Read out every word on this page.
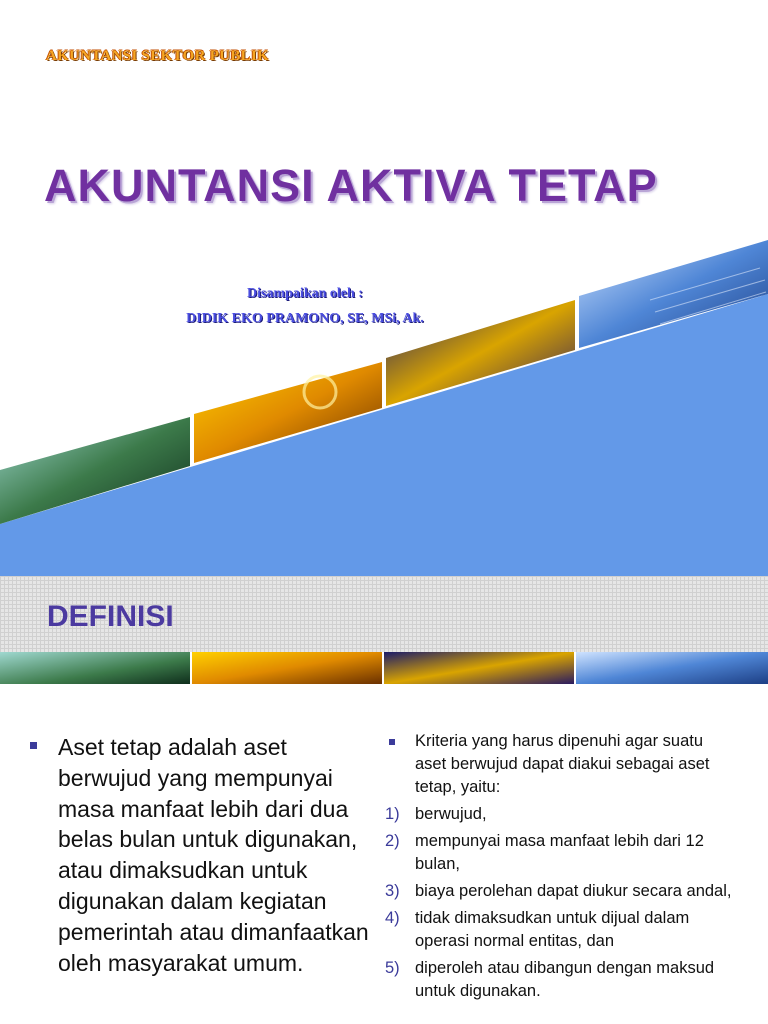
AKUNTANSI SEKTOR PUBLIK
AKUNTANSI AKTIVA TETAP
Disampaikan oleh :
DIDIK EKO PRAMONO, SE, MSi, Ak.
DEFINISI
Aset tetap adalah aset berwujud yang mempunyai masa manfaat lebih dari dua belas bulan untuk digunakan, atau dimaksudkan untuk digunakan dalam kegiatan pemerintah atau dimanfaatkan oleh masyarakat umum.
Kriteria yang harus dipenuhi agar suatu aset berwujud dapat diakui sebagai aset tetap, yaitu:
1) berwujud,
2) mempunyai masa manfaat lebih dari 12 bulan,
3) biaya perolehan dapat diukur secara andal,
4) tidak dimaksudkan untuk dijual dalam operasi normal entitas, dan
5) diperoleh atau dibangun dengan maksud untuk digunakan.
